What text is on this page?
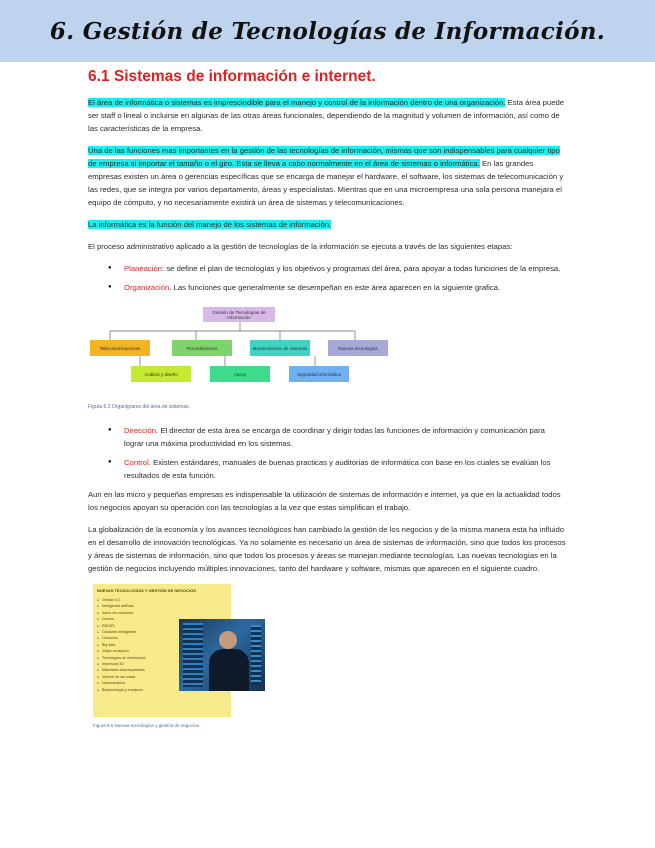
6. Gestión de Tecnologías de Información.
6.1 Sistemas de información e internet.

El área de informática o sistemas es imprescindible para el manejo y control de la información dentro de una organización. Esta área puede ser staff o lineal o incluirse en algunas de las otras áreas funcionales, dependiendo de la magnitud y volumen de información, así como de las características de la empresa.

Una de las funciones mas importantes en la gestión de las tecnologías de información, mismas que son indispensables para cualquier tipo de empresa si importar el tamaño o el giro. Esta se lleva a cabo normalmente en el área de sistemas o informática. En las grandes empresas existen un área o gerencias específicas que se encarga de manejar el hardware, el software, los sistemas de telecomunicación y las redes, que se integra por varios departamento, áreas y especialistas. Mientras que en una microempresa una sola persona manejara el equipo de cómputo, y no necesariamente existirá un área de sistemas y telecomunicaciones.

La informática es la función del manejo de los sistemas de información.

El proceso administrativo aplicado a la gestión de tecnologías de la información se ejecuta a través de las siguientes etapas:

● Planeación: se define el plan de tecnologías y los objetivos y programas del área, para apoyar a todas funciones de la empresa.
● Organización. Las funciones que generalmente se desempeñan en este área aparecen en la siguiente grafica.
Gestión de Tecnologías de Información
Telecomunicaciones	Procedimientos	Mantenimiento de sistemas	Nuevas tecnologías
Análisis y diseño	Apoyo	Seguridad informática
Figura 6.3 Organigrama del área de sistemas.
● Dirección. El director de esta área se encarga de coordinar y dirigir todas las funciones de información y comunicación para lograr una máxima productividad en los sistemas.
● Control. Existen estándares, manuales de buenas practicas y auditorias de informática con base en los cuales se evalúan los resultados de esta función.

Aun en las micro y pequeñas empresas es indispensable la utilización de sistemas de información e internet, ya que en la actualidad todos los negocios apoyan su operación con las tecnologías a la vez que estas simplifican el trabajo.

La globalización de la economía y los avances tecnológicos han cambiado la gestión de los negocios y de la misma manera esta ha influido en el desarrollo de innovación tecnológicas. Ya no solamente es necesario un área de sistemas de información, sino que todos los procesos y áreas de sistemas de información, sino que todos los procesos y áreas se manejan mediante tecnologías. Las nuevas tecnologías en la gestión de negocios incluyendo múltiples innovaciones, tanto del hardware y software, mismas que aparecen en el siguiente cuadro.

NUEVAS TECNOLOGÍAS Y GESTIÓN DE NEGOCIOS
● Gestión 4.0
● Inteligencia artificial
● Autos sin conductor
● Drones
● RBOSS
● Ciudades inteligentes
● Clonación
● Big data
● Viajes al espacio
● Tecnologías de información
● Impresora 3D
● Materiales autorreparables
● Internet de las cosas
● Nanomedicina
● Biotecnología y envejecer
Figura 6.5 Nuevas tecnologías y gestión de negocios.
